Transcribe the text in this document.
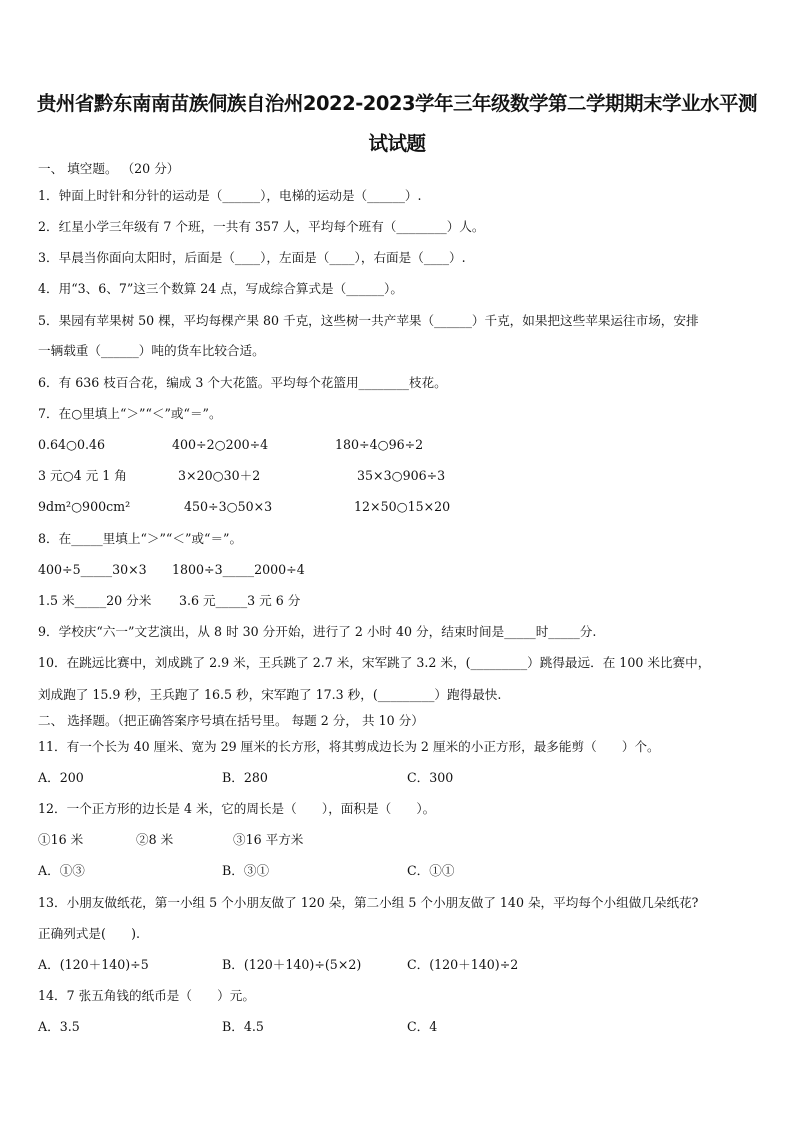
贵州省黔东南南苗族侗族自治州2022-2023学年三年级数学第二学期期末学业水平测
试试题
一、 填空题。 （20 分）
1．钟面上时针和分针的运动是（______），电梯的运动是（______）.
2．红星小学三年级有 7 个班，一共有 357 人，平均每个班有（________）人。
3．早晨当你面向太阳时，后面是（____），左面是（____），右面是（____）.
4．用“3、6、7”这三个数算 24 点，写成综合算式是（______）。
5．果园有苹果树 50 棵，平均每棵产果 80 千克，这些树一共产苹果（______）千克，如果把这些苹果运往市场，安排
一辆载重（______）吨的货车比较合适。
6．有 636 枝百合花，编成 3 个大花篮。平均每个花篮用________枝花。
7．在○里填上“＞”“＜”或“＝”。
0.64○0.46	400÷2○200÷4	180÷4○96÷2
3 元○4 元 1 角	3×20○30＋2	35×3○906÷3
9dm²○900cm²	450÷3○50×3	12×50○15×20
8．在_____里填上“＞”“＜”或“＝”。
400÷5_____30×3 1800÷3_____2000÷4
1.5 米_____20 分米 3.6 元_____3 元 6 分
9．学校庆“六一”文艺演出，从 8 时 30 分开始，进行了 2 小时 40 分，结束时间是_____时_____分.
10．在跳远比赛中，刘成跳了 2.9 米，王兵跳了 2.7 米，宋军跳了 3.2 米，(_________）跳得最远．在 100 米比赛中，
刘成跑了 15.9 秒，王兵跑了 16.5 秒，宋军跑了 17.3 秒，(_________）跑得最快.
二、 选择题。（把正确答案序号填在括号里。 每题 2 分， 共 10 分）
11．有一个长为 40 厘米、宽为 29 厘米的长方形，将其剪成边长为 2 厘米的小正方形，最多能剪（　　）个。
A．200	B．280	C．300
12．一个正方形的边长是 4 米，它的周长是（　　），面积是（　　）。
①16 米	②8 米	③16 平方米
A．①③	B．③①	C．①①
13．小朋友做纸花，第一小组 5 个小朋友做了 120 朵，第二小组 5 个小朋友做了 140 朵，平均每个小组做几朵纸花?
正确列式是(　　).
A．(120＋140)÷5	B．(120＋140)÷(5×2)	C．(120＋140)÷2
14．7 张五角钱的纸币是（　　）元。
A．3.5	B．4.5	C．4
